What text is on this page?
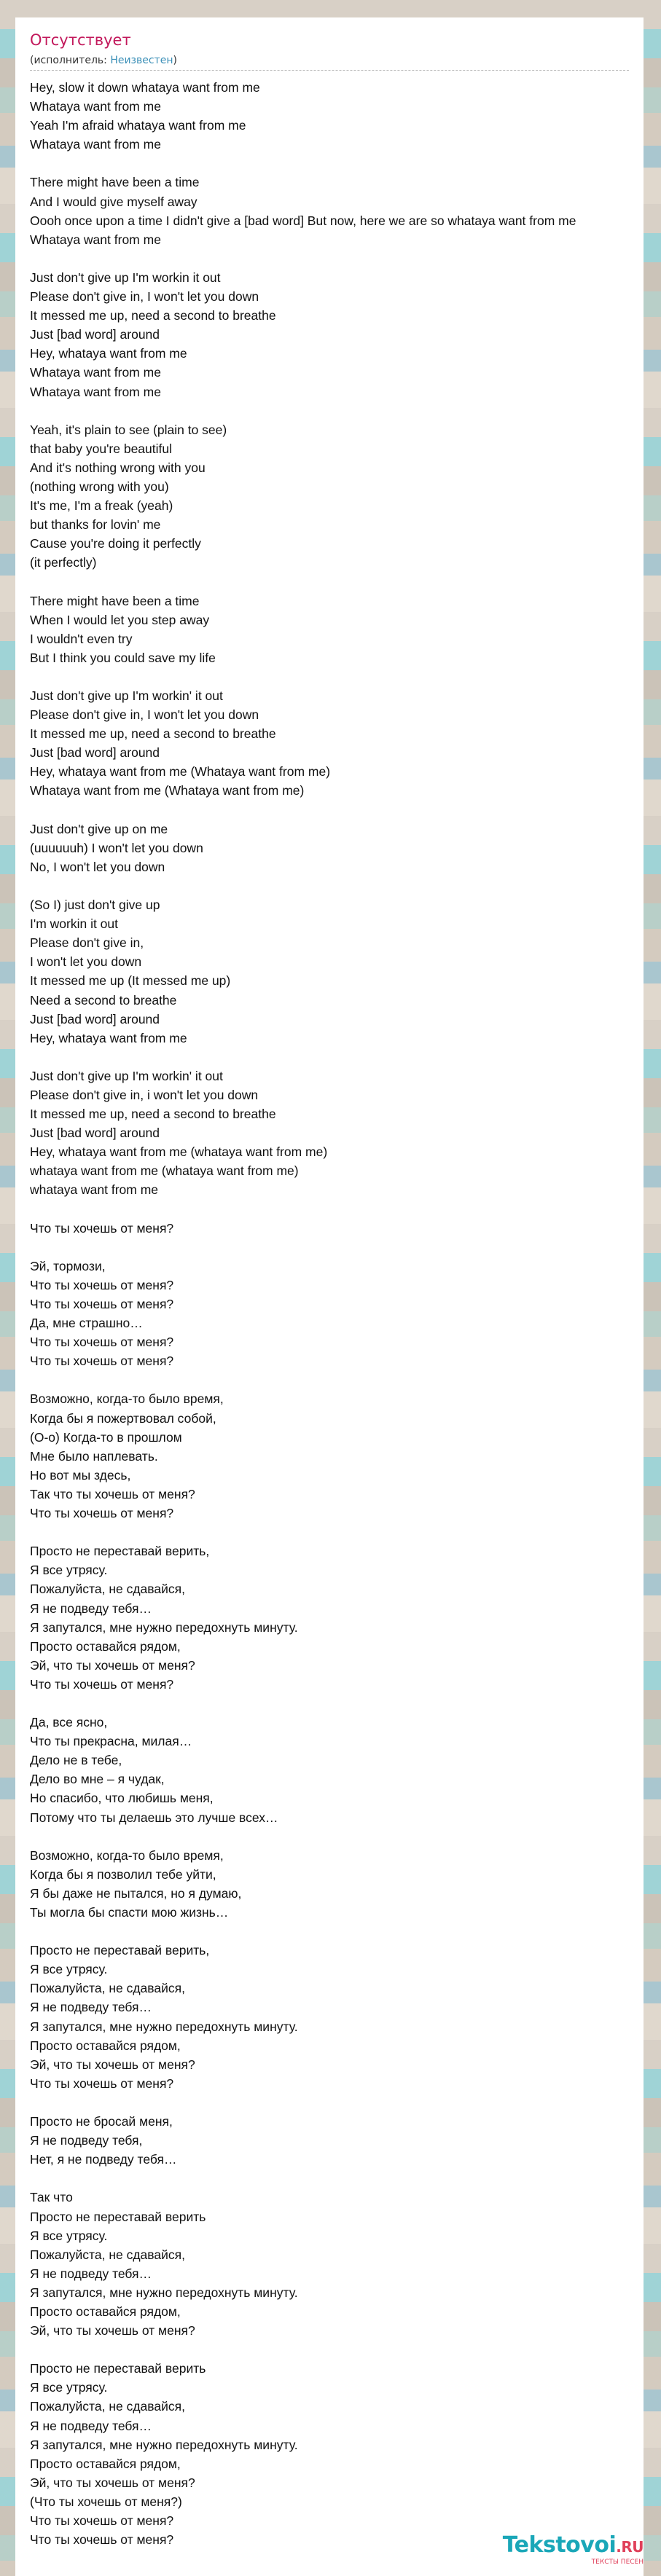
Отсутствует
(исполнитель: Неизвестен)
Hey, slow it down whataya want from me
Whataya want from me
Yeah I'm afraid whataya want from me
Whataya want from me
There might have been a time
And I would give myself away
Oooh once upon a time I didn't give a [bad word] But now, here we are so whataya want from me
Whataya want from me
Just don't give up I'm workin it out
Please don't give in, I won't let you down
It messed me up, need a second to breathe
Just [bad word] around
Hey, whataya want from me
Whataya want from me
Whataya want from me
Yeah, it's plain to see (plain to see)
that baby you're beautiful
And it's nothing wrong with you
(nothing wrong with you)
It's me, I'm a freak (yeah)
but thanks for lovin' me
Cause you're doing it perfectly
(it perfectly)
There might have been a time
When I would let you step away
I wouldn't even try
But I think you could save my life
Just don't give up I'm workin' it out
Please don't give in, I won't let you down
It messed me up, need a second to breathe
Just [bad word] around
Hey, whataya want from me (Whataya want from me)
Whataya want from me (Whataya want from me)
Just don't give up on me
(uuuuuuh) I won't let you down
No, I won't let you down
(So I) just don't give up
I'm workin it out
Please don't give in,
I won't let you down
It messed me up (It messed me up)
Need a second to breathe
Just [bad word] around
Hey, whataya want from me
Just don't give up I'm workin' it out
Please don't give in, i won't let you down
It messed me up, need a second to breathe
Just [bad word] around
Hey, whataya want from me (whataya want from me)
whataya want from me (whataya want from me)
whataya want from me
Что ты хочешь от меня?
Эй, тормози,
Что ты хочешь от меня?
Что ты хочешь от меня?
Да, мне страшно…
Что ты хочешь от меня?
Что ты хочешь от меня?
Возможно, когда-то было время,
Когда бы я пожертвовал собой,
(О-о) Когда-то в прошлом
Мне было наплевать.
Но вот мы здесь,
Так что ты хочешь от меня?
Что ты хочешь от меня?
Просто не переставай верить,
Я все утрясу.
Пожалуйста, не сдавайся,
Я не подведу тебя…
Я запутался, мне нужно передохнуть минуту.
Просто оставайся рядом,
Эй, что ты хочешь от меня?
Что ты хочешь от меня?
Да, все ясно,
Что ты прекрасна, милая…
Дело не в тебе,
Дело во мне – я чудак,
Но спасибо, что любишь меня,
Потому что ты делаешь это лучше всех…
Возможно, когда-то было время,
Когда бы я позволил тебе уйти,
Я бы даже не пытался, но я думаю,
Ты могла бы спасти мою жизнь…
Просто не переставай верить,
Я все утрясу.
Пожалуйста, не сдавайся,
Я не подведу тебя…
Я запутался, мне нужно передохнуть минуту.
Просто оставайся рядом,
Эй, что ты хочешь от меня?
Что ты хочешь от меня?
Просто не бросай меня,
Я не подведу тебя,
Нет, я не подведу тебя…
Так что
Просто не переставай верить
Я все утрясу.
Пожалуйста, не сдавайся,
Я не подведу тебя…
Я запутался, мне нужно передохнуть минуту.
Просто оставайся рядом,
Эй, что ты хочешь от меня?
Просто не переставай верить
Я все утрясу.
Пожалуйста, не сдавайся,
Я не подведу тебя…
Я запутался, мне нужно передохнуть минуту.
Просто оставайся рядом,
Эй, что ты хочешь от меня?
(Что ты хочешь от меня?)
Что ты хочешь от меня?
Что ты хочешь от меня?	Tekstovoi.RU
ТЕКСТЫ ПЕСЕН
